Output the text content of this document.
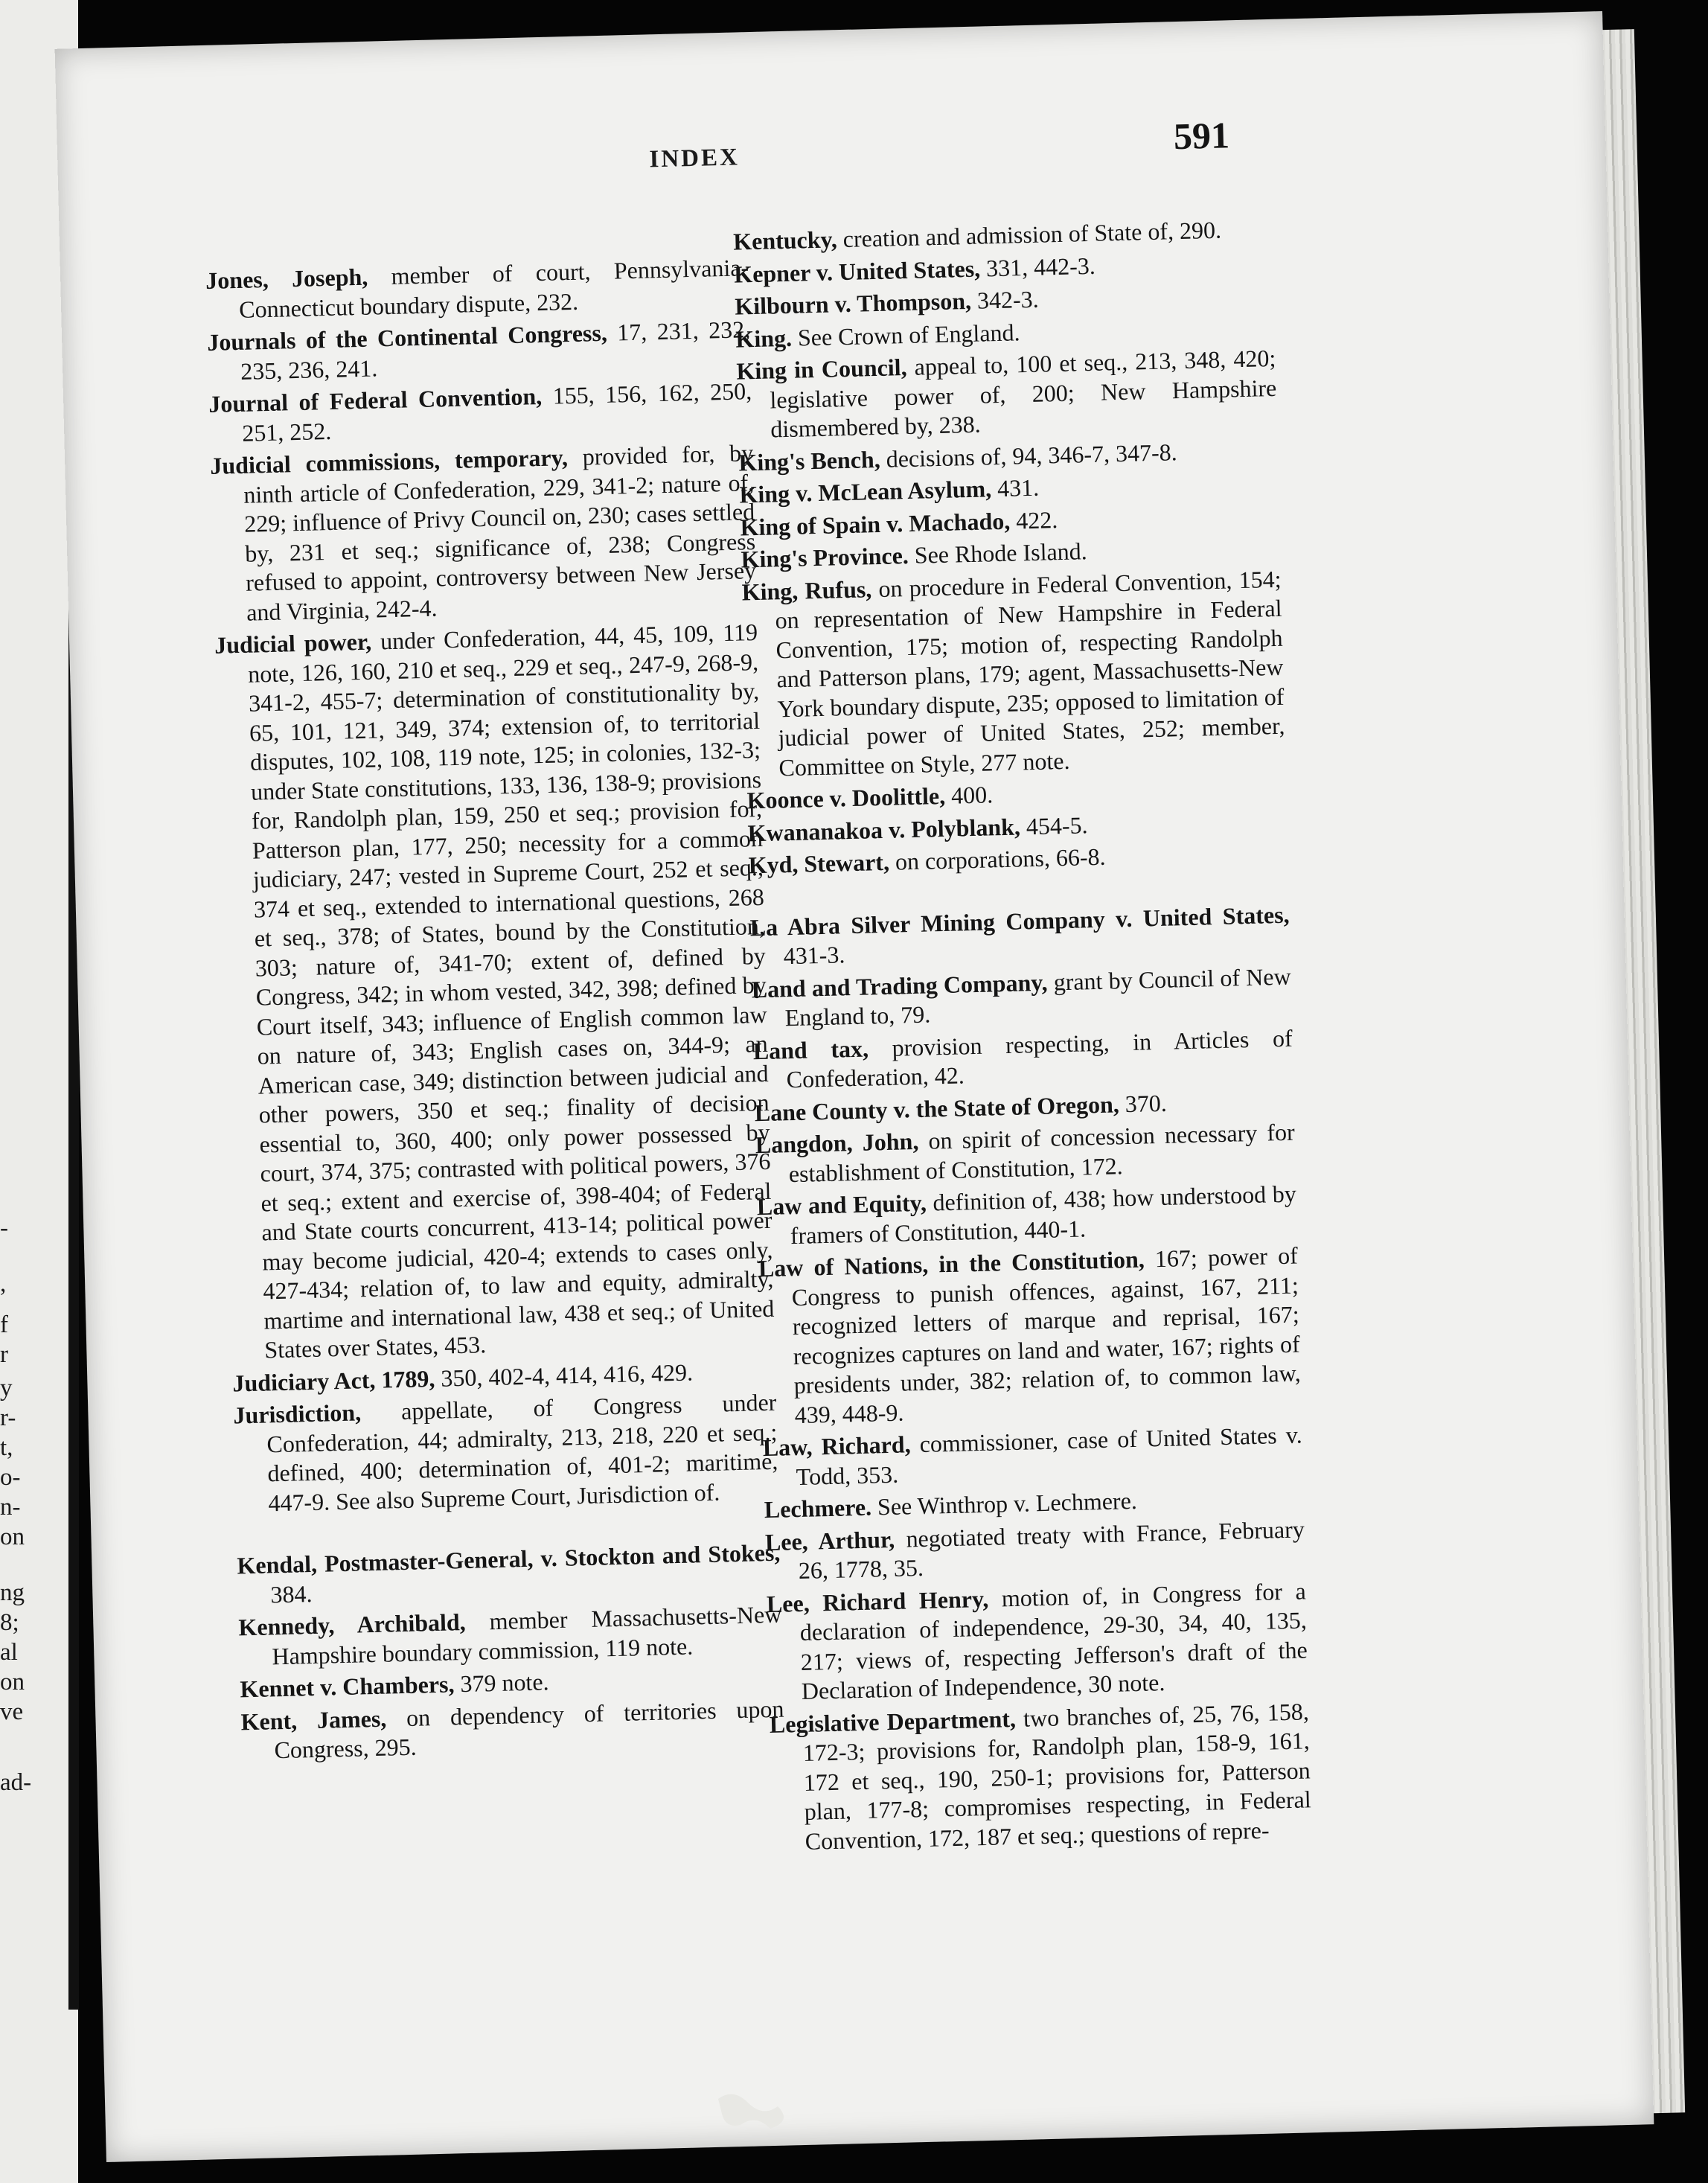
-
,
f
r
y
r-
t,
o-
n-
on
ng
8;
al
on
ve
ad-
INDEX
591

Jones, Joseph, member of court, Pennsylvania-Connecticut boundary dispute, 232.

Journals of the Continental Congress, 17, 231, 232, 235, 236, 241.

Journal of Federal Convention, 155, 156, 162, 250, 251, 252.

Judicial commissions, temporary, provided for, by ninth article of Confederation, 229, 341-2; nature of, 229; influence of Privy Council on, 230; cases settled by, 231 et seq.; significance of, 238; Congress refused to appoint, controversy between New Jersey and Virginia, 242-4.

Judicial power, under Confederation, 44, 45, 109, 119 note, 126, 160, 210 et seq., 229 et seq., 247-9, 268-9, 341-2, 455-7; determination of constitutionality by, 65, 101, 121, 349, 374; extension of, to territorial disputes, 102, 108, 119 note, 125; in colonies, 132-3; under State constitutions, 133, 136, 138-9; provisions for, Randolph plan, 159, 250 et seq.; provision for, Patterson plan, 177, 250; necessity for a common judiciary, 247; vested in Supreme Court, 252 et seq., 374 et seq., extended to international questions, 268 et seq., 378; of States, bound by the Constitution, 303; nature of, 341-70; extent of, defined by Congress, 342; in whom vested, 342, 398; defined by Court itself, 343; influence of English common law on nature of, 343; English cases on, 344-9; an American case, 349; distinction between judicial and other powers, 350 et seq.; finality of decision essential to, 360, 400; only power possessed by court, 374, 375; contrasted with political powers, 376 et seq.; extent and exercise of, 398-404; of Federal and State courts concurrent, 413-14; political power may become judicial, 420-4; extends to cases only, 427-434; relation of, to law and equity, admiralty, martime and international law, 438 et seq.; of United States over States, 453.

Judiciary Act, 1789, 350, 402-4, 414, 416, 429.

Jurisdiction, appellate, of Congress under Confederation, 44; admiralty, 213, 218, 220 et seq.; defined, 400; determination of, 401-2; maritime, 447-9. See also Supreme Court, Jurisdiction of.

Kendal, Postmaster-General, v. Stockton and Stokes, 384.

Kennedy, Archibald, member Massachusetts-New Hampshire boundary commission, 119 note.

Kennet v. Chambers, 379 note.

Kent, James, on dependency of territories upon Congress, 295.

Kentucky, creation and admission of State of, 290.

Kepner v. United States, 331, 442-3.

Kilbourn v. Thompson, 342-3.

King. See Crown of England.

King in Council, appeal to, 100 et seq., 213, 348, 420; legislative power of, 200; New Hampshire dismembered by, 238.

King's Bench, decisions of, 94, 346-7, 347-8.

King v. McLean Asylum, 431.

King of Spain v. Machado, 422.

King's Province. See Rhode Island.

King, Rufus, on procedure in Federal Convention, 154; on representation of New Hampshire in Federal Convention, 175; motion of, respecting Randolph and Patterson plans, 179; agent, Massachusetts-New York boundary dispute, 235; opposed to limitation of judicial power of United States, 252; member, Committee on Style, 277 note.

Koonce v. Doolittle, 400.

Kwananakoa v. Polyblank, 454-5.

Kyd, Stewart, on corporations, 66-8.

La Abra Silver Mining Company v. United States, 431-3.

Land and Trading Company, grant by Council of New England to, 79.

Land tax, provision respecting, in Articles of Confederation, 42.

Lane County v. the State of Oregon, 370.

Langdon, John, on spirit of concession necessary for establishment of Constitution, 172.

Law and Equity, definition of, 438; how understood by framers of Constitution, 440-1.

Law of Nations, in the Constitution, 167; power of Congress to punish offences, against, 167, 211; recognized letters of marque and reprisal, 167; recognizes captures on land and water, 167; rights of presidents under, 382; relation of, to common law, 439, 448-9.

Law, Richard, commissioner, case of United States v. Todd, 353.

Lechmere. See Winthrop v. Lechmere.

Lee, Arthur, negotiated treaty with France, February 26, 1778, 35.

Lee, Richard Henry, motion of, in Congress for a declaration of independence, 29-30, 34, 40, 135, 217; views of, respecting Jefferson's draft of the Declaration of Independence, 30 note.

Legislative Department, two branches of, 25, 76, 158, 172-3; provisions for, Randolph plan, 158-9, 161, 172 et seq., 190, 250-1; provisions for, Patterson plan, 177-8; compromises respecting, in Federal Convention, 172, 187 et seq.; questions of repre-
